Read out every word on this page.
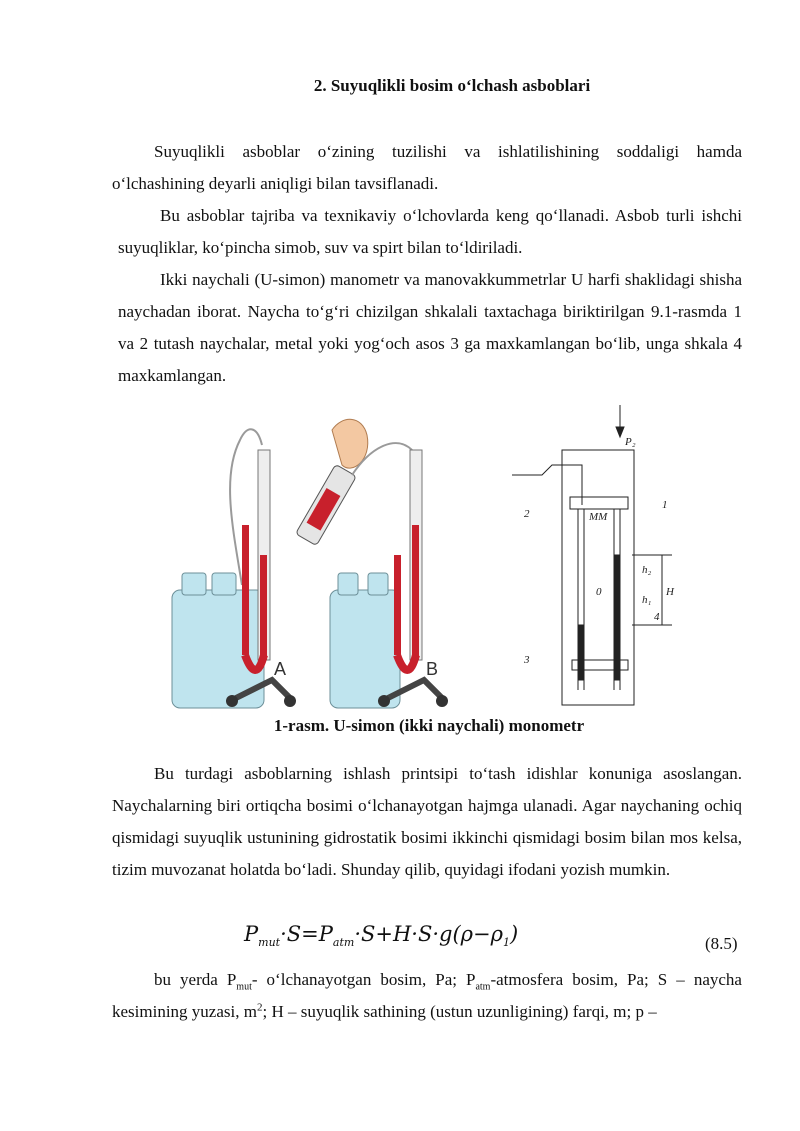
2. Suyuqlikli bosim o‘lchash asboblari
Suyuqlikli asboblar o‘zining tuzilishi va ishlatilishining soddaligi hamda o‘lchashining deyarli aniqligi bilan tavsiflanadi.
Bu asboblar tajriba va texnikaviy o‘lchovlarda keng qo‘llanadi. Asbob turli ishchi suyuqliklar, ko‘pincha simob, suv va spirt bilan to‘ldiriladi.
Ikki naychali (U-simon) manometr va manovakkummetrlar U harfi shaklidagi shisha naychadan iborat. Naycha to‘g‘ri chizilgan shkalali taxtachaga biriktirilgan 9.1-rasmda 1 va 2 tutash naychalar, metal yoki yog‘och asos 3 ga maxkamlangan bo‘lib, unga shkala 4 maxkamlangan.
A	B
P₂
MM
1
2
3
4
0
h₁
h₂
H
1-rasm. U-simon (ikki naychali) monometr
Bu turdagi asboblarning ishlash printsipi to‘tash idishlar konuniga asoslangan. Naychalarning biri ortiqcha bosimi o‘lchanayotgan hajmga ulanadi. Agar naychaning ochiq qismidagi suyuqlik ustunining gidrostatik bosimi ikkinchi qismidagi bosim bilan mos kelsa, tizim muvozanat holatda bo‘ladi. Shunday qilib, quyidagi ifodani yozish mumkin.
$P_{mut}\cdot S=P_{atm}\cdot S+H\cdot S\cdot g(\rho-\rho_1)$	(8.5)
bu yerda $P_{mut}-$ o‘lchanayotgan bosim, Pa; $P_{atm}$-atmosfera bosim, Pa; S – naycha kesimining yuzasi, $m^2$; H – suyuqlik sathining (ustun uzunligining) farqi, m; p –
